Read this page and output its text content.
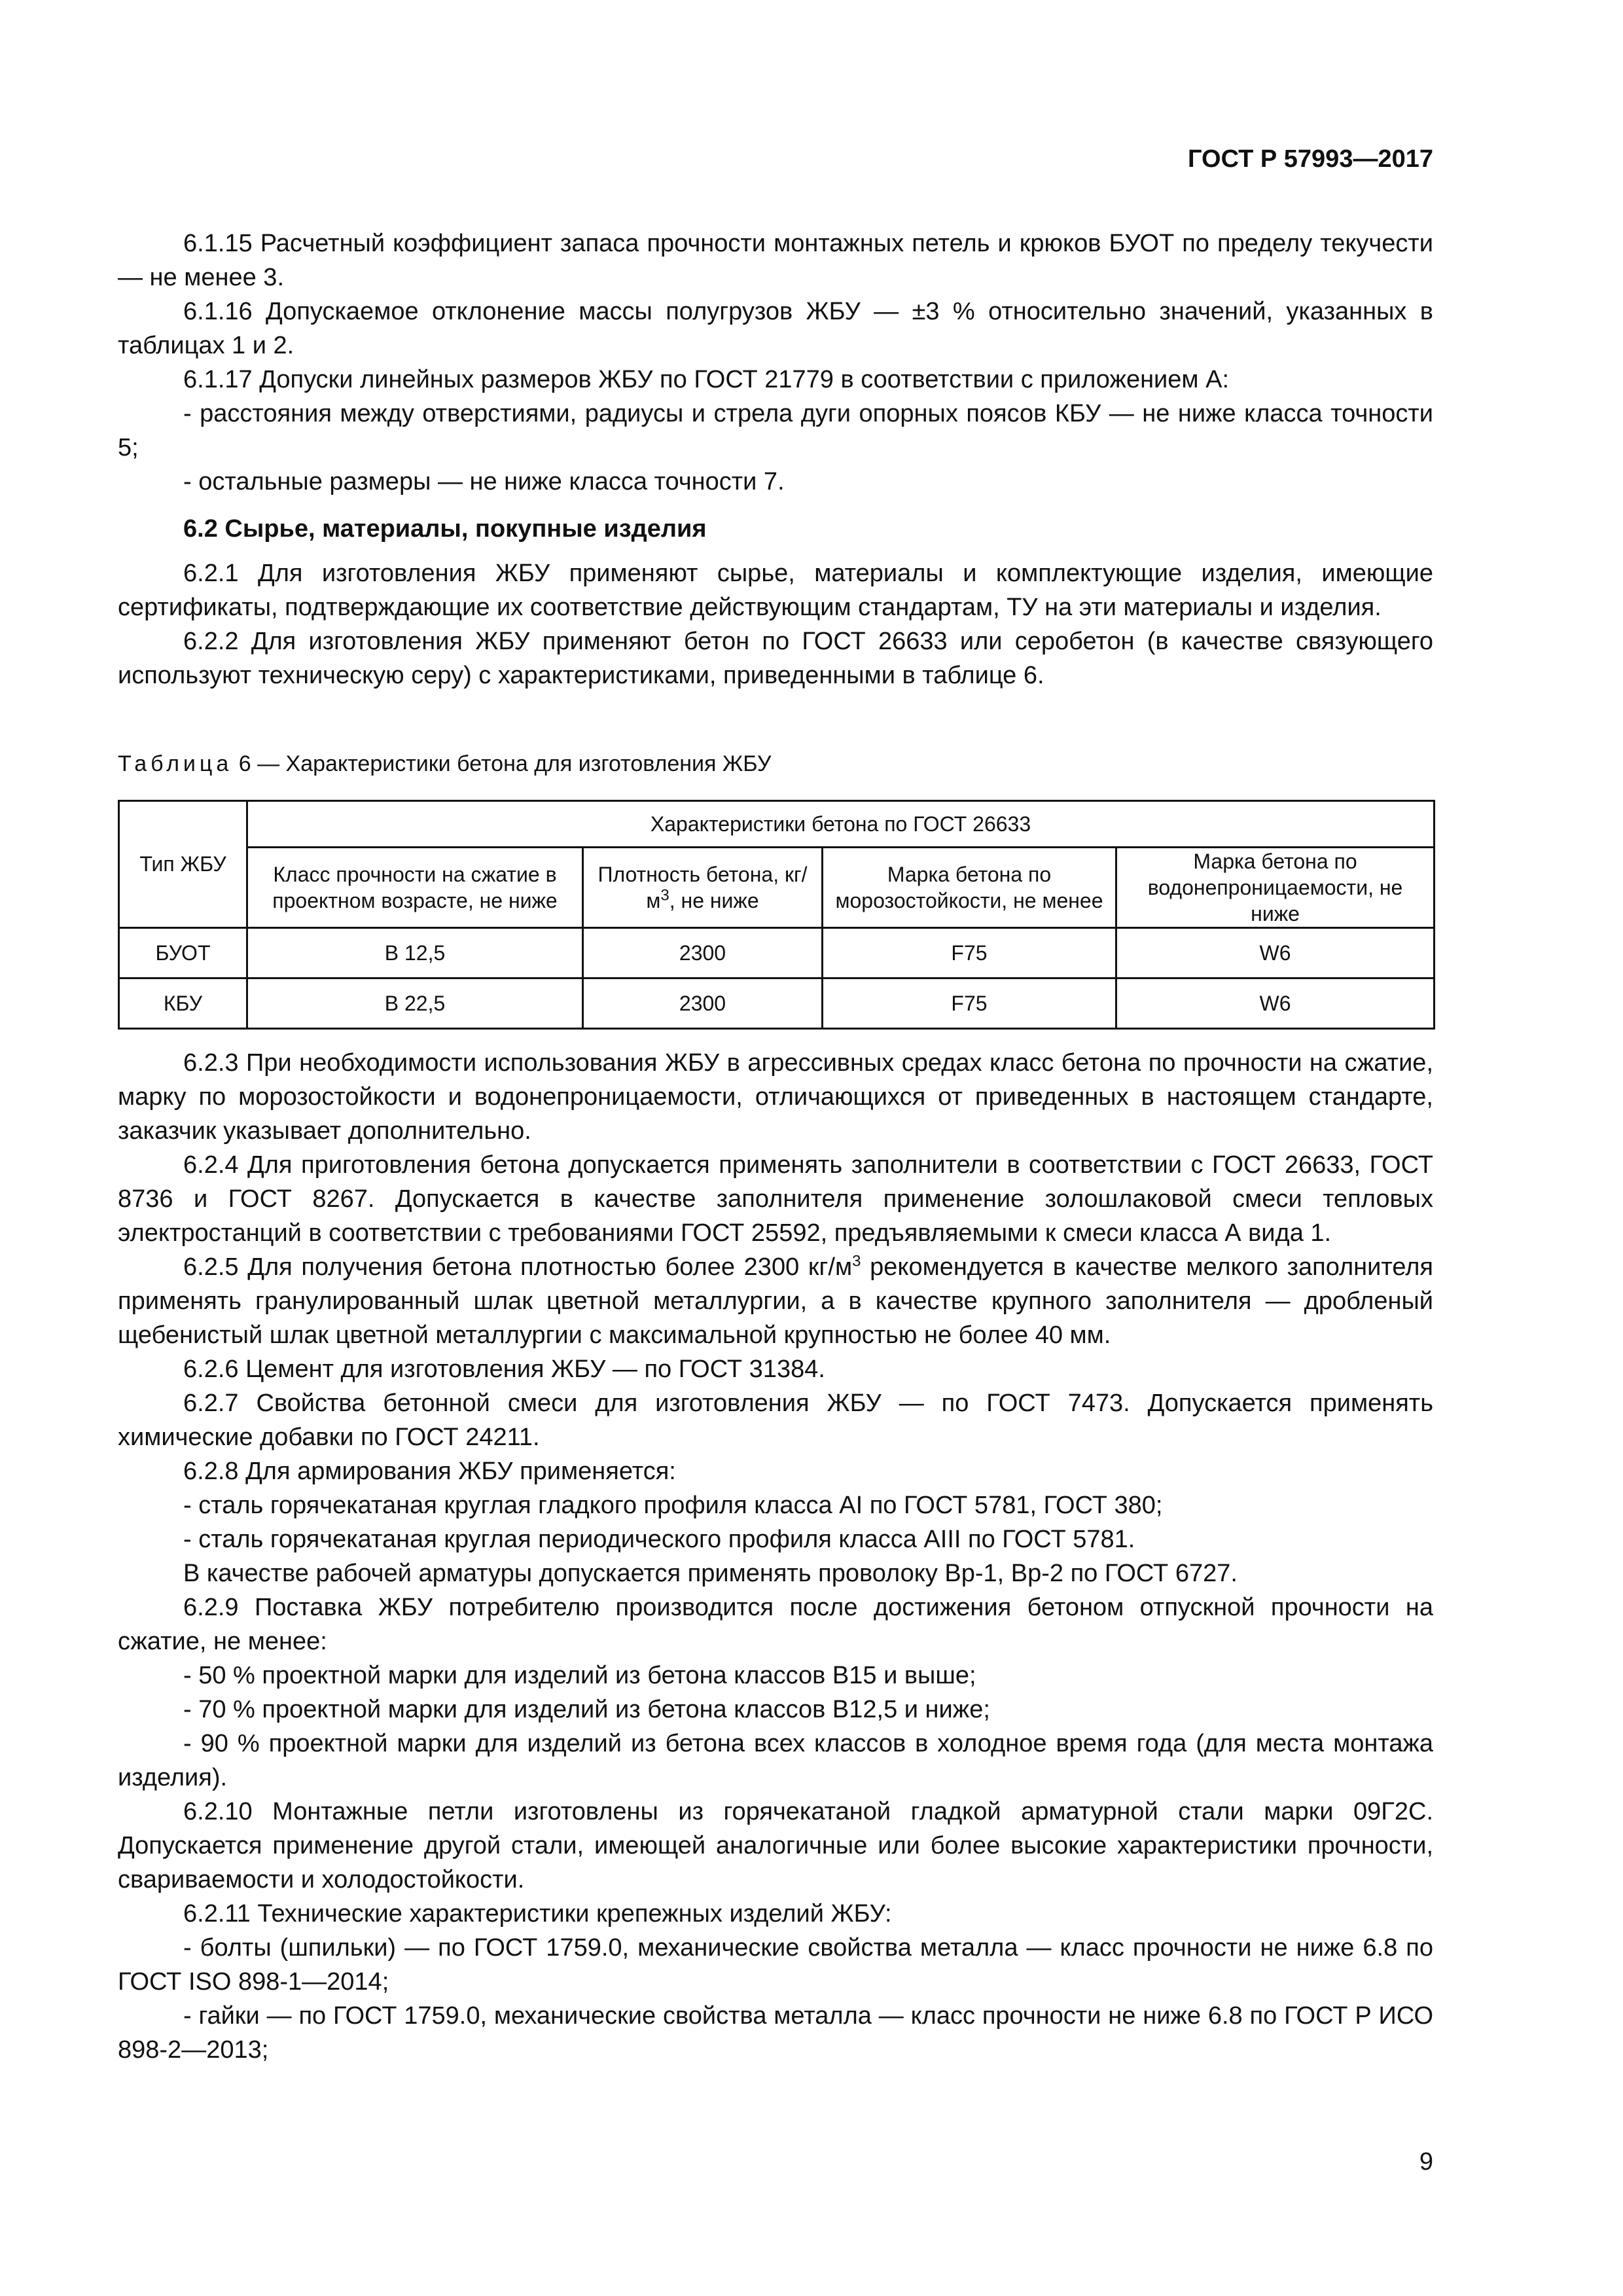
ГОСТ Р 57993—2017

6.1.15 Расчетный коэффициент запаса прочности монтажных петель и крюков БУОТ по пределу текучести — не менее 3.

6.1.16 Допускаемое отклонение массы полугрузов ЖБУ — ±3 % относительно значений, указанных в таблицах 1 и 2.

6.1.17 Допуски линейных размеров ЖБУ по ГОСТ 21779 в соответствии с приложением А:

- расстояния между отверстиями, радиусы и стрела дуги опорных поясов КБУ — не ниже класса точности 5;

- остальные размеры — не ниже класса точности 7.

6.2 Сырье, материалы, покупные изделия

6.2.1 Для изготовления ЖБУ применяют сырье, материалы и комплектующие изделия, имеющие сертификаты, подтверждающие их соответствие действующим стандартам, ТУ на эти материалы и изделия.

6.2.2 Для изготовления ЖБУ применяют бетон по ГОСТ 26633 или серобетон (в качестве связующего используют техническую серу) с характеристиками, приведенными в таблице 6.

Таблица 6 — Характеристики бетона для изготовления ЖБУ
Тип ЖБУ	Характеристики бетона по ГОСТ 26633			
	Класс прочности на сжатие в проектном возрасте, не ниже	Плотность бетона, $кг/м^3$, не ниже	Марка бетона по морозостойкости, не менее	Марка бетона по водонепроницаемости, не ниже
БУОТ	В 12,5	2300	F75	W6
КБУ	В 22,5	2300	F75	W6

6.2.3 При необходимости использования ЖБУ в агрессивных средах класс бетона по прочности на сжатие, марку по морозостойкости и водонепроницаемости, отличающихся от приведенных в настоящем стандарте, заказчик указывает дополнительно.

6.2.4 Для приготовления бетона допускается применять заполнители в соответствии с ГОСТ 26633, ГОСТ 8736 и ГОСТ 8267. Допускается в качестве заполнителя применение золошлаковой смеси тепловых электростанций в соответствии с требованиями ГОСТ 25592, предъявляемыми к смеси класса А вида 1.

6.2.5 Для получения бетона плотностью более 2300 $кг/м^3$ рекомендуется в качестве мелкого заполнителя применять гранулированный шлак цветной металлургии, а в качестве крупного заполнителя — дробленый щебенистый шлак цветной металлургии с максимальной крупностью не более 40 мм.

6.2.6 Цемент для изготовления ЖБУ — по ГОСТ 31384.

6.2.7 Свойства бетонной смеси для изготовления ЖБУ — по ГОСТ 7473. Допускается применять химические добавки по ГОСТ 24211.

6.2.8 Для армирования ЖБУ применяется:

- сталь горячекатаная круглая гладкого профиля класса AI по ГОСТ 5781, ГОСТ 380;

- сталь горячекатаная круглая периодического профиля класса AIII по ГОСТ 5781.

В качестве рабочей арматуры допускается применять проволоку Вр-1, Вр-2 по ГОСТ 6727.

6.2.9 Поставка ЖБУ потребителю производится после достижения бетоном отпускной прочности на сжатие, не менее:

- 50 % проектной марки для изделий из бетона классов В15 и выше;

- 70 % проектной марки для изделий из бетона классов В12,5 и ниже;

- 90 % проектной марки для изделий из бетона всех классов в холодное время года (для места монтажа изделия).

6.2.10 Монтажные петли изготовлены из горячекатаной гладкой арматурной стали марки 09Г2С. Допускается применение другой стали, имеющей аналогичные или более высокие характеристики прочности, свариваемости и холодостойкости.

6.2.11 Технические характеристики крепежных изделий ЖБУ:

- болты (шпильки) — по ГОСТ 1759.0, механические свойства металла — класс прочности не ниже 6.8 по ГОСТ ISO 898-1—2014;

- гайки — по ГОСТ 1759.0, механические свойства металла — класс прочности не ниже 6.8 по ГОСТ Р ИСО 898-2—2013;

9
